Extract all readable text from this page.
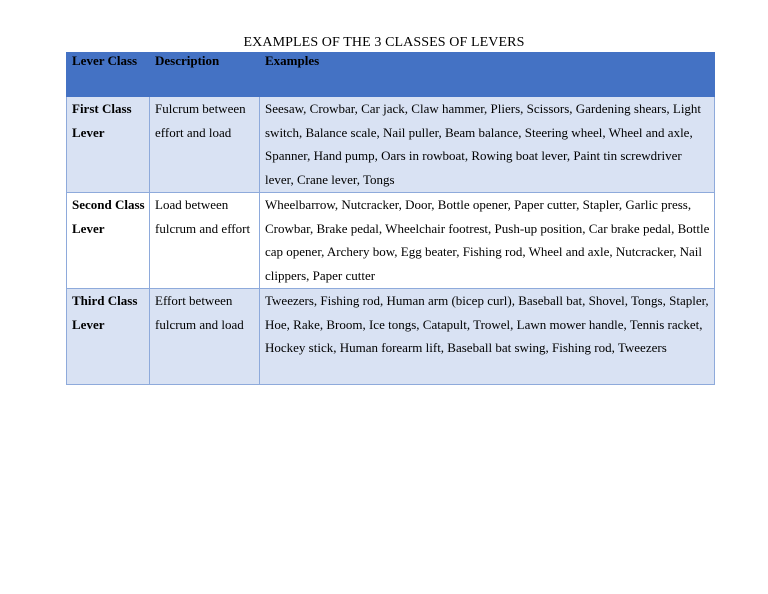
EXAMPLES OF THE 3 CLASSES OF LEVERS
Lever Class	Description	Examples
First Class Lever	Fulcrum between effort and load	Seesaw, Crowbar, Car jack, Claw hammer, Pliers, Scissors, Gardening shears, Light switch, Balance scale, Nail puller, Beam balance, Steering wheel, Wheel and axle, Spanner, Hand pump, Oars in rowboat, Rowing boat lever, Paint tin screwdriver lever, Crane lever, Tongs
Second Class Lever	Load between fulcrum and effort	Wheelbarrow, Nutcracker, Door, Bottle opener, Paper cutter, Stapler, Garlic press, Crowbar, Brake pedal, Wheelchair footrest, Push-up position, Car brake pedal, Bottle cap opener, Archery bow, Egg beater, Fishing rod, Wheel and axle, Nutcracker, Nail clippers, Paper cutter
Third Class Lever	Effort between fulcrum and load	Tweezers, Fishing rod, Human arm (bicep curl), Baseball bat, Shovel, Tongs, Stapler, Hoe, Rake, Broom, Ice tongs, Catapult, Trowel, Lawn mower handle, Tennis racket, Hockey stick, Human forearm lift, Baseball bat swing, Fishing rod, Tweezers
